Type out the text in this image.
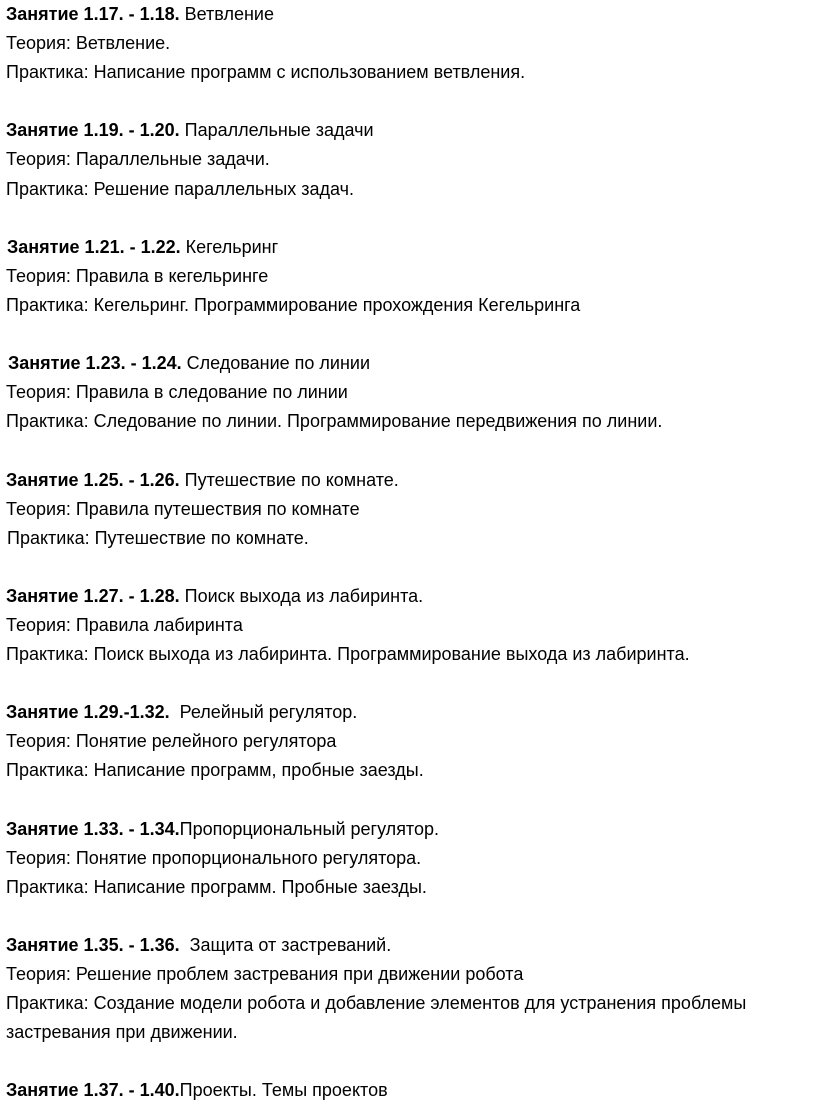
Занятие 1.17. - 1.18. Ветвление
Теория: Ветвление.
Практика: Написание программ с использованием ветвления.
Занятие 1.19. - 1.20. Параллельные задачи
Теория: Параллельные задачи.
Практика: Решение параллельных задач.
Занятие 1.21. - 1.22. Кегельринг
Теория: Правила в кегельринге
Практика: Кегельринг. Программирование прохождения Кегельринга
Занятие 1.23. - 1.24. Следование по линии
Теория: Правила в следование по линии
Практика: Следование по линии. Программирование передвижения по линии.
Занятие 1.25. - 1.26. Путешествие по комнате.
Теория: Правила путешествия по комнате
Практика: Путешествие по комнате.
Занятие 1.27. - 1.28. Поиск выхода из лабиринта.
Теория: Правила лабиринта
Практика: Поиск выхода из лабиринта. Программирование выхода из лабиринта.
Занятие 1.29.-1.32.  Релейный регулятор.
Теория: Понятие релейного регулятора
Практика: Написание программ, пробные заезды.
Занятие 1.33. - 1.34.Пропорциональный регулятор.
Теория: Понятие пропорционального регулятора.
Практика: Написание программ. Пробные заезды.
Занятие 1.35. - 1.36.  Защита от застреваний.
Теория: Решение проблем застревания при движении робота
Практика: Создание модели робота и добавление элементов для устранения проблемы застревания при движении.
Занятие 1.37. - 1.40.Проекты. Темы проектов
